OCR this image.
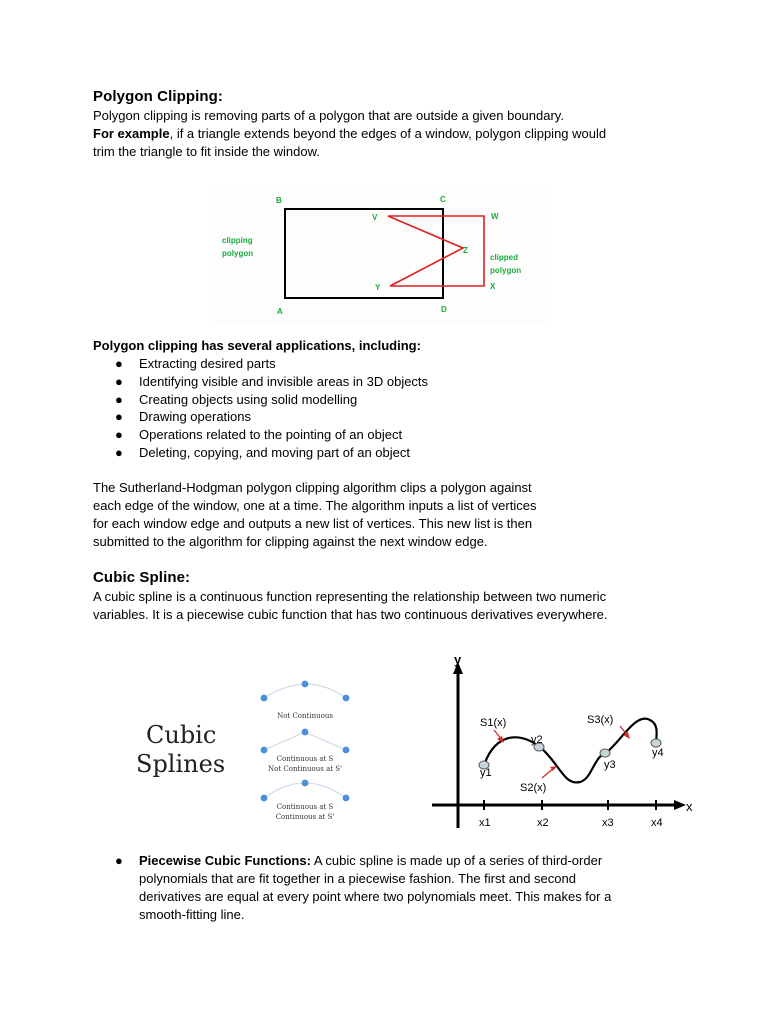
Polygon Clipping:

Polygon clipping is removing parts of a polygon that are outside a given boundary.
For example, if a triangle extends beyond the edges of a window, polygon clipping would
trim the triangle to fit inside the window.

B	C
A	D
V	W
Z
Y	X
clipping
polygon	clipped
polygon

Polygon clipping has several applications, including:

● Extracting desired parts
● Identifying visible and invisible areas in 3D objects
● Creating objects using solid modelling
● Drawing operations
● Operations related to the pointing of an object
● Deleting, copying, and moving part of an object

The Sutherland-Hodgman polygon clipping algorithm clips a polygon against
each edge of the window, one at a time. The algorithm inputs a list of vertices
for each window edge and outputs a new list of vertices. This new list is then
submitted to the algorithm for clipping against the next window edge.

Cubic Spline:

A cubic spline is a continuous function representing the relationship between two numeric
variables. It is a piecewise cubic function that has two continuous derivatives everywhere.

Cubic
Splines
Not Continuous
Continuous at S
Not Continuous at S'
Continuous at S
Continuous at S'
y
x
x1	x2	x3	x4
S1(x)
S2(x)
S3(x)
y1
y2
y3
y4
● Piecewise Cubic Functions: A cubic spline is made up of a series of third-order
polynomials that are fit together in a piecewise fashion. The first and second
derivatives are equal at every point where two polynomials meet. This makes for a
smooth-fitting line.
